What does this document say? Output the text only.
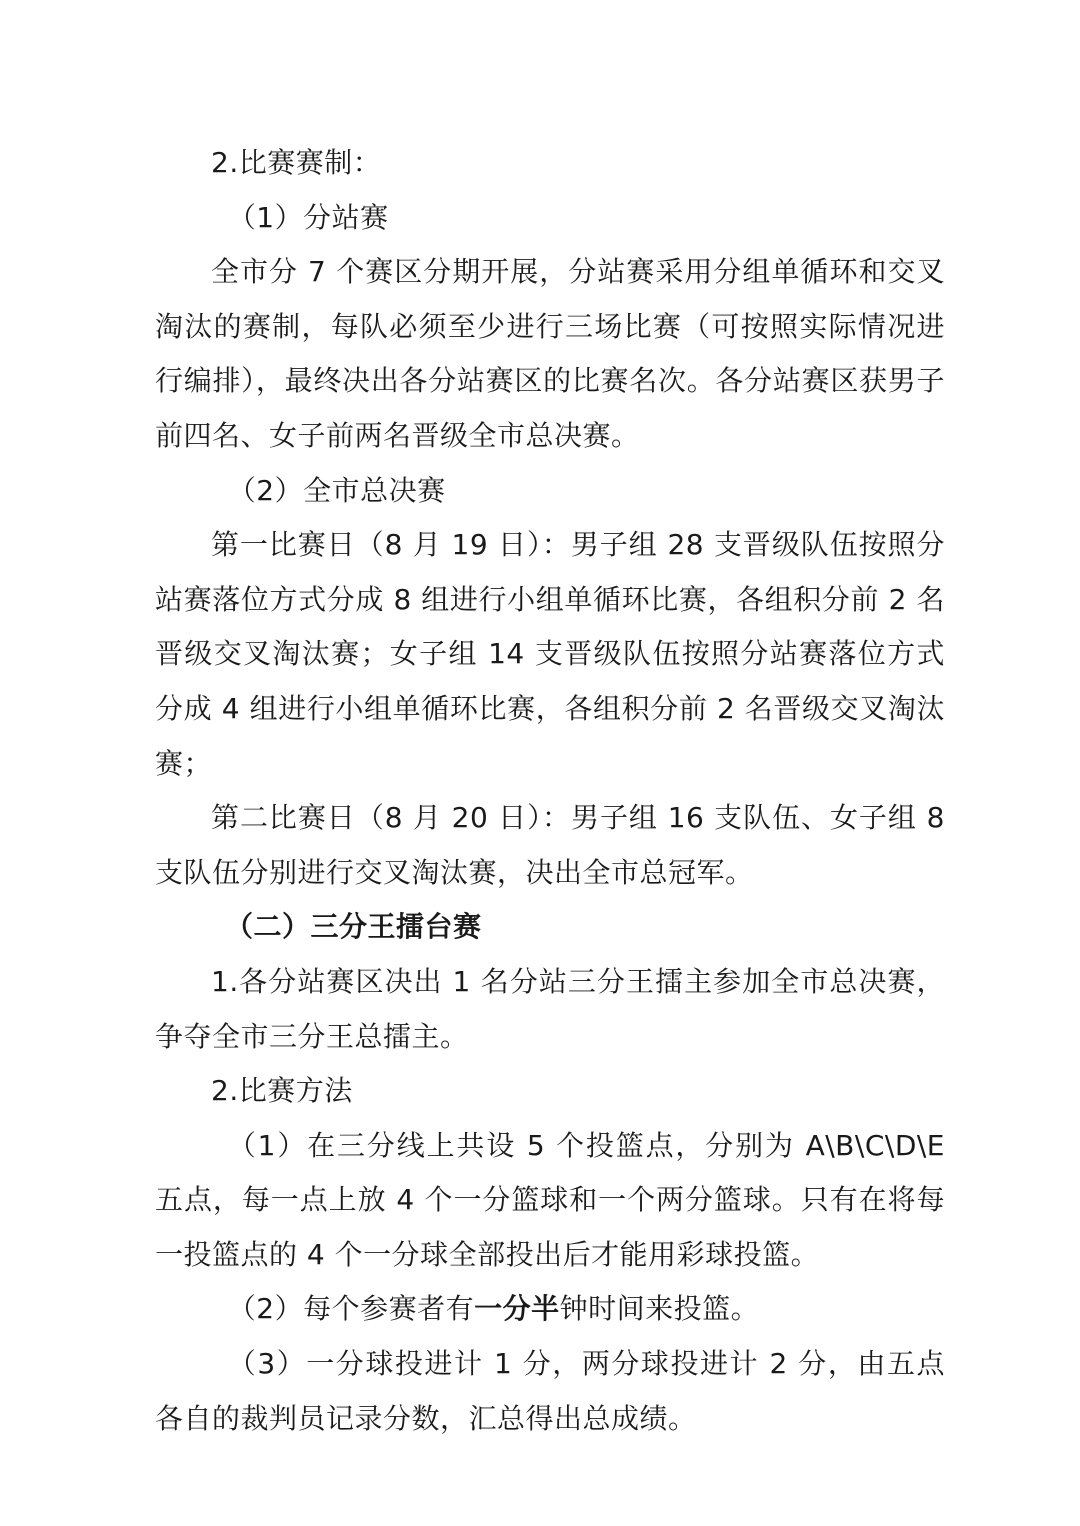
2.比赛赛制：

（1）分站赛

全市分 7 个赛区分期开展，分站赛采用分组单循环和交叉淘汰的赛制，每队必须至少进行三场比赛（可按照实际情况进行编排），最终决出各分站赛区的比赛名次。各分站赛区获男子前四名、女子前两名晋级全市总决赛。

（2）全市总决赛

第一比赛日（8 月 19 日）：男子组 28 支晋级队伍按照分站赛落位方式分成 8 组进行小组单循环比赛，各组积分前 2 名晋级交叉淘汰赛；女子组 14 支晋级队伍按照分站赛落位方式分成 4 组进行小组单循环比赛，各组积分前 2 名晋级交叉淘汰赛；

第二比赛日（8 月 20 日）：男子组 16 支队伍、女子组 8 支队伍分别进行交叉淘汰赛，决出全市总冠军。

（二）三分王擂台赛

1.各分站赛区决出 1 名分站三分王擂主参加全市总决赛，争夺全市三分王总擂主。

2.比赛方法

（1）在三分线上共设 5 个投篮点，分别为 A\B\C\D\E 五点，每一点上放 4 个一分篮球和一个两分篮球。只有在将每一投篮点的 4 个一分球全部投出后才能用彩球投篮。

（2）每个参赛者有一分半钟时间来投篮。

（3）一分球投进计 1 分，两分球投进计 2 分，由五点各自的裁判员记录分数，汇总得出总成绩。
